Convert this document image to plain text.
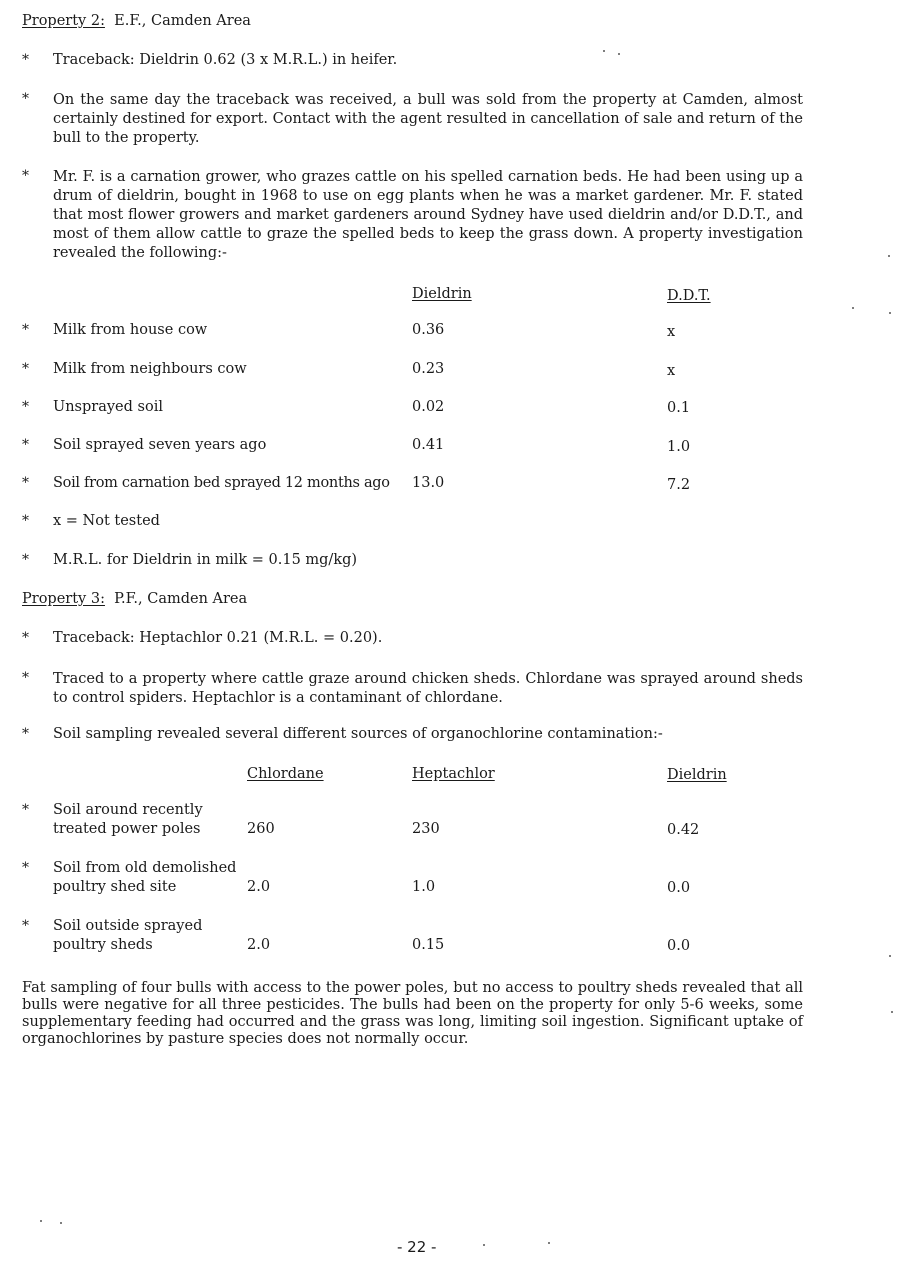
Property 2: E.F., Camden Area
* Traceback: Dieldrin 0.62 (3 x M.R.L.) in heifer.
* On the same day the traceback was received, a bull was sold from the property at Camden, almost certainly destined for export. Contact with the agent resulted in cancellation of sale and return of the bull to the property.
* Mr. F. is a carnation grower, who grazes cattle on his spelled carnation beds. He had been using up a drum of dieldrin, bought in 1968 to use on egg plants when he was a market gardener. Mr. F. stated that most flower growers and market gardeners around Sydney have used dieldrin and/or D.D.T., and most of them allow cattle to graze the spelled beds to keep the grass down. A property investigation revealed the following:-
Dieldrin	D.D.T.
* Milk from house cow	0.36	x
* Milk from neighbours cow	0.23	x
* Unsprayed soil	0.02	0.1
* Soil sprayed seven years ago	0.41	1.0
* Soil from carnation bed sprayed 12 months ago 13.0	7.2
* x = Not tested
* M.R.L. for Dieldrin in milk = 0.15 mg/kg)
Property 3: P.F., Camden Area
* Traceback: Heptachlor 0.21 (M.R.L. = 0.20).
* Traced to a property where cattle graze around chicken sheds. Chlordane was sprayed around sheds to control spiders. Heptachlor is a contaminant of chlordane.
* Soil sampling revealed several different sources of organochlorine contamination:-
Chlordane	Heptachlor	Dieldrin
* Soil around recently
treated power poles	260	230	0.42
* Soil from old demolished
poultry shed site	2.0	1.0	0.0
* Soil outside sprayed
poultry sheds	2.0	0.15	0.0
Fat sampling of four bulls with access to the power poles, but no access to poultry sheds revealed that all bulls were negative for all three pesticides. The bulls had been on the property for only 5-6 weeks, some supplementary feeding had occurred and the grass was long, limiting soil ingestion. Significant uptake of organochlorines by pasture species does not normally occur.
- 22 -
